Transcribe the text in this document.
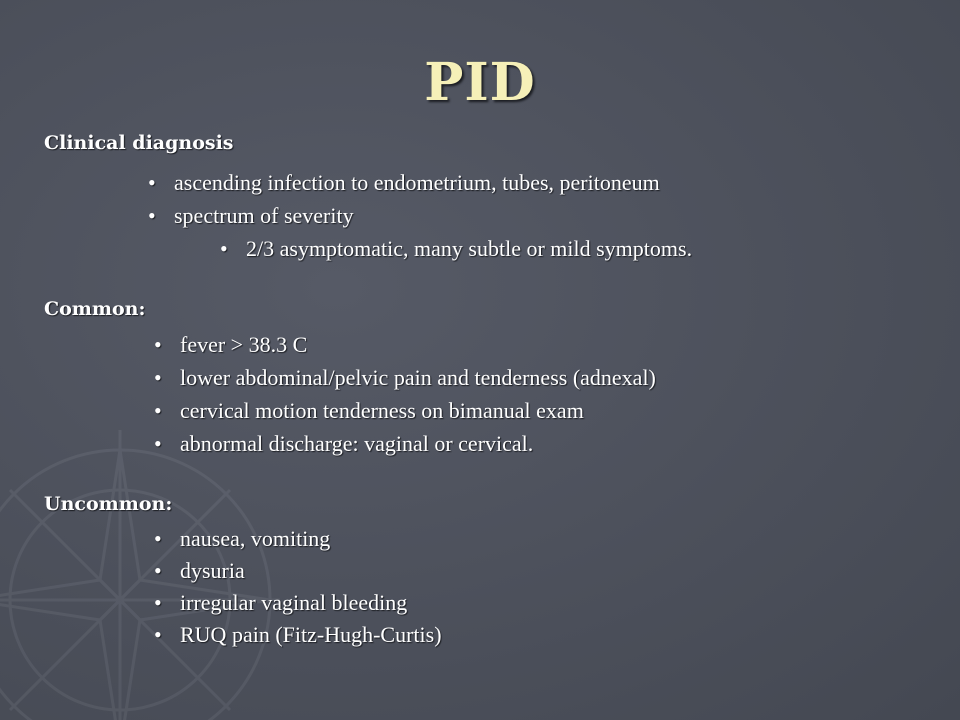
PID
Clinical diagnosis
• ascending infection to endometrium, tubes, peritoneum
• spectrum of severity
• 2/3 asymptomatic, many subtle or mild symptoms.
Common:
• fever > 38.3 C
• lower abdominal/pelvic pain and tenderness (adnexal)
• cervical motion tenderness on bimanual exam
• abnormal discharge: vaginal or cervical.
Uncommon:
• nausea, vomiting
• dysuria
• irregular vaginal bleeding
• RUQ pain (Fitz-Hugh-Curtis)
